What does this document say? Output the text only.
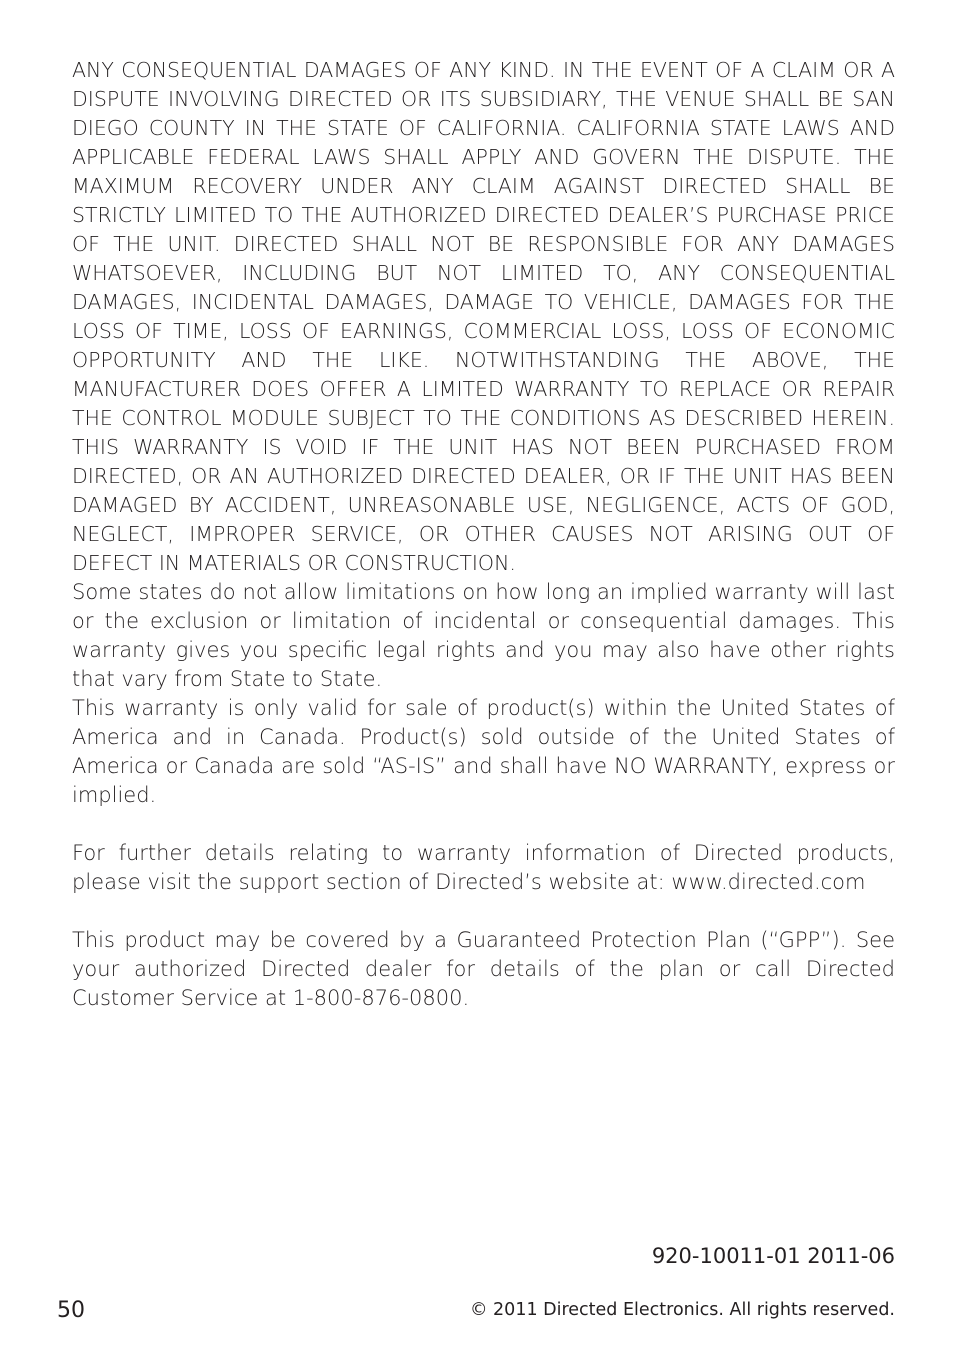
ANY CONSEQUENTIAL DAMAGES OF ANY KIND. IN THE EVENT OF A CLAIM OR A DISPUTE INVOLVING DIRECTED OR ITS SUBSIDIARY, THE VENUE SHALL BE SAN DIEGO COUNTY IN THE STATE OF CALIFORNIA. CALIFORNIA STATE LAWS AND APPLICABLE FEDERAL LAWS SHALL APPLY AND GOVERN THE DISPUTE. THE MAXIMUM RECOVERY UNDER ANY CLAIM AGAINST DIRECTED SHALL BE STRICTLY LIMITED TO THE AUTHORIZED DIRECTED DEALER’S PURCHASE PRICE OF THE UNIT. DIRECTED SHALL NOT BE RESPONSIBLE FOR ANY DAMAGES WHATSOEVER, INCLUDING BUT NOT LIMITED TO, ANY CONSEQUENTIAL DAMAGES, INCIDENTAL DAMAGES, DAMAGE TO VEHICLE, DAMAGES FOR THE LOSS OF TIME, LOSS OF EARNINGS, COMMERCIAL LOSS, LOSS OF ECONOMIC OPPORTUNITY AND THE LIKE. NOTWITHSTANDING THE ABOVE, THE MANUFACTURER DOES OFFER A LIMITED WARRANTY TO REPLACE OR REPAIR THE CONTROL MODULE SUBJECT TO THE CONDITIONS AS DESCRIBED HEREIN. THIS WARRANTY IS VOID IF THE UNIT HAS NOT BEEN PURCHASED FROM DIRECTED, OR AN AUTHORIZED DIRECTED DEALER, OR IF THE UNIT HAS BEEN DAMAGED BY ACCIDENT, UNREASONABLE USE, NEGLIGENCE, ACTS OF GOD, NEGLECT, IMPROPER SERVICE, OR OTHER CAUSES NOT ARISING OUT OF DEFECT IN MATERIALS OR CONSTRUCTION.

Some states do not allow limitations on how long an implied warranty will last or the exclusion or limitation of incidental or consequential damages. This warranty gives you specific legal rights and you may also have other rights that vary from State to State.

This warranty is only valid for sale of product(s) within the United States of America and in Canada. Product(s) sold outside of the United States of America or Canada are sold “AS-IS” and shall have NO WARRANTY, express or implied.

For further details relating to warranty information of Directed products, please visit the support section of Directed’s website at: www.directed.com

This product may be covered by a Guaranteed Protection Plan (“GPP”). See your authorized Directed dealer for details of the plan or call Directed Customer Service at 1-800-876-0800.

920-10011-01 2011-06
50	© 2011 Directed Electronics. All rights reserved.
